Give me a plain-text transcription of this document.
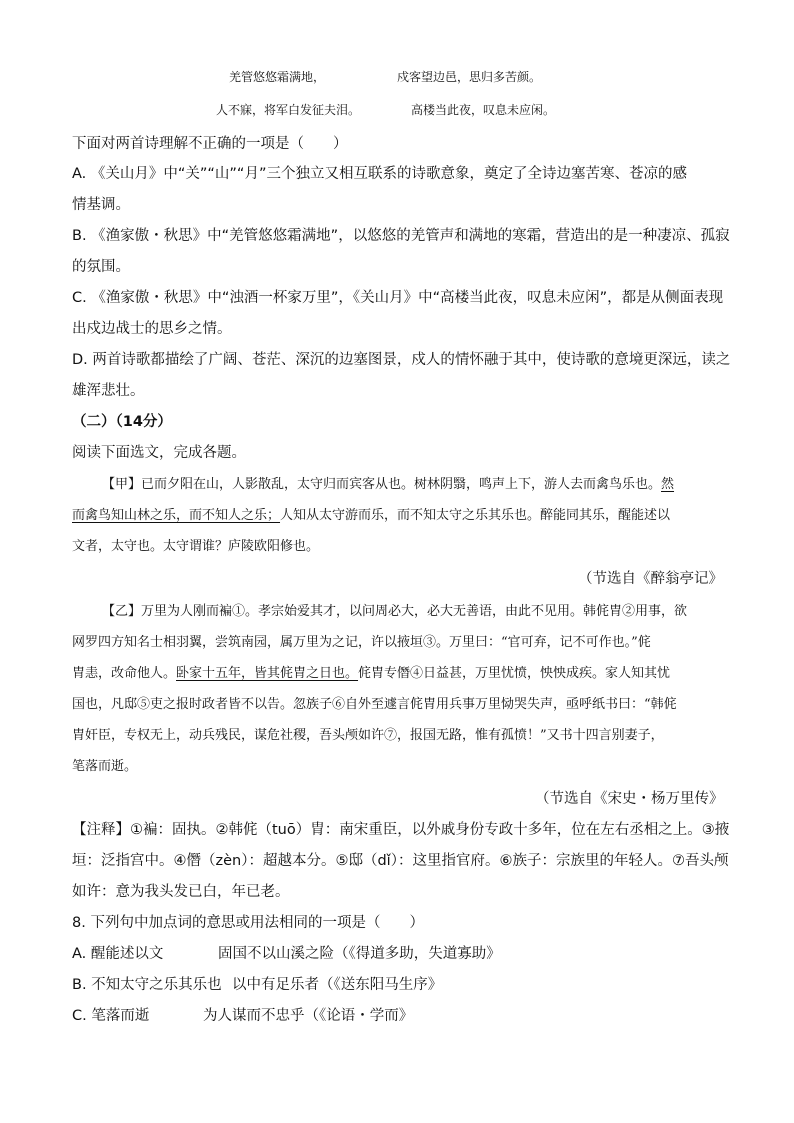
羌管悠悠霜满地，	戍客望边邑，思归多苦颜。
人不寐，将军白发征夫泪。	高楼当此夜，叹息未应闲。
下面对两首诗理解不正确的一项是（　　）
A. 《关山月》中“关”“山”“月”三个独立又相互联系的诗歌意象，奠定了全诗边塞苦寒、苍凉的感
情基调。
B. 《渔家傲・秋思》中“羌管悠悠霜满地”，以悠悠的羌管声和满地的寒霜，营造出的是一种凄凉、孤寂
的氛围。
C. 《渔家傲・秋思》中“浊酒一杯家万里”，《关山月》中“高楼当此夜，叹息未应闲”，都是从侧面表现
出戍边战士的思乡之情。
D. 两首诗歌都描绘了广阔、苍茫、深沉的边塞图景，戍人的情怀融于其中，使诗歌的意境更深远，读之
雄浑悲壮。
（二）（14分）
阅读下面选文，完成各题。
【甲】已而夕阳在山，人影散乱，太守归而宾客从也。树林阴翳，鸣声上下，游人去而禽鸟乐也。然
而禽鸟知山林之乐，而不知人之乐；人知从太守游而乐，而不知太守之乐其乐也。醉能同其乐，醒能述以
文者，太守也。太守谓谁？庐陵欧阳修也。
（节选自《醉翁亭记》
【乙】万里为人刚而褊①。孝宗始爱其才，以问周必大，必大无善语，由此不见用。韩侂胄②用事，欲
网罗四方知名士相羽翼，尝筑南园，属万里为之记，许以掖垣③。万里曰：“官可弃，记不可作也。”侂
胄恚，改命他人。卧家十五年，皆其侂胄之日也。侂胄专僭④日益甚，万里忧愤，怏怏成疾。家人知其忧
国也，凡邸⑤吏之报时政者皆不以告。忽族子⑥自外至遽言侂胄用兵事万里恸哭失声，亟呼纸书曰：“韩侂
胄奸臣，专权无上，动兵残民，谋危社稷，吾头颅如许⑦，报国无路，惟有孤愤！”又书十四言别妻子，
笔落而逝。
（节选自《宋史・杨万里传》
【注释】①褊：固执。②韩侂（tuō）胄：南宋重臣，以外戚身份专政十多年，位在左右丞相之上。③掖
垣：泛指宫中。④僭（zèn）：超越本分。⑤邸（dǐ）：这里指官府。⑥族子：宗族里的年轻人。⑦吾头颅
如许：意为我头发已白，年已老。
8. 下列句中加点词的意思或用法相同的一项是（　　）
A. 醒能述以文	固国不以山溪之险（《得道多助，失道寡助》
B. 不知太守之乐其乐也 以中有足乐者（《送东阳马生序》
C. 笔落而逝	为人谋而不忠乎（《论语・学而》
